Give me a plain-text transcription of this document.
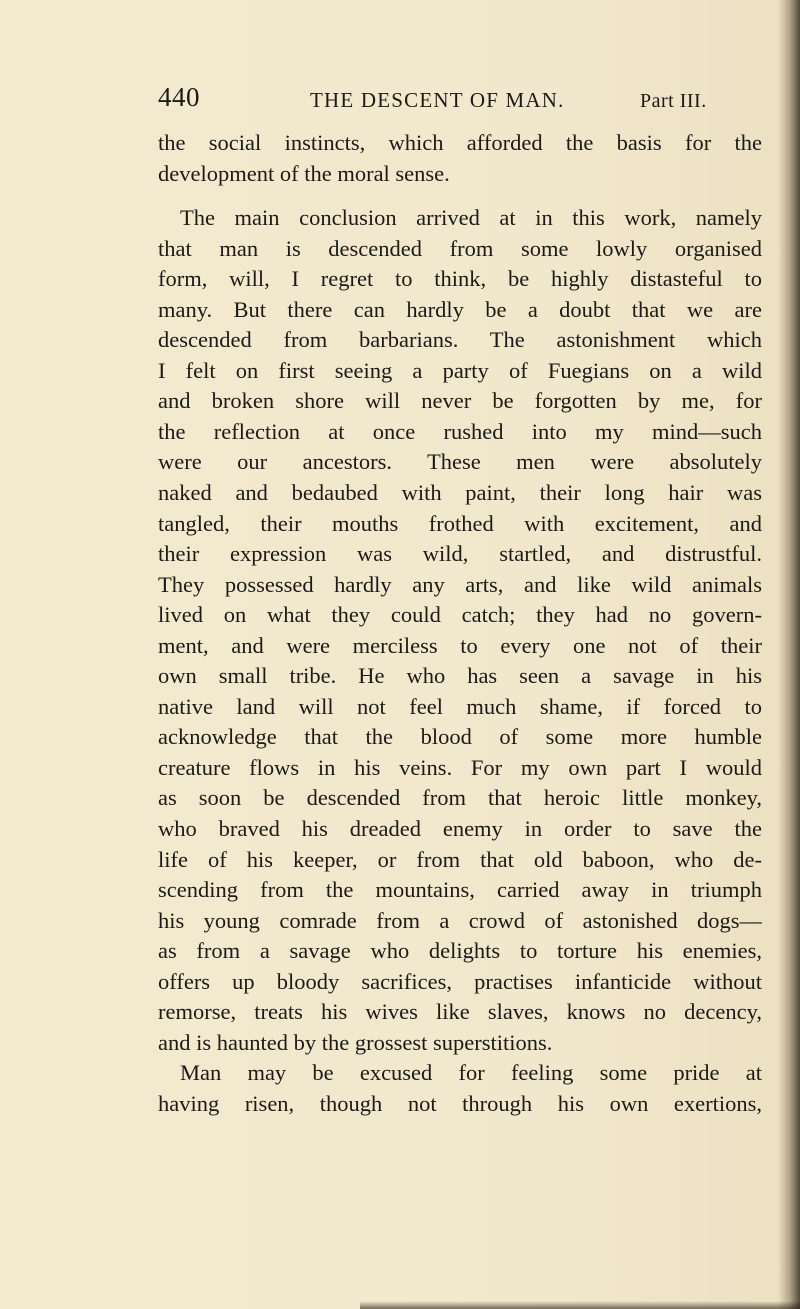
440	THE DESCENT OF MAN.	Part III.
the social instincts, which afforded the basis for the
development of the moral sense.
The main conclusion arrived at in this work, namely
that man is descended from some lowly organised
form, will, I regret to think, be highly distasteful to
many. But there can hardly be a doubt that we are
descended from barbarians. The astonishment which
I felt on first seeing a party of Fuegians on a wild
and broken shore will never be forgotten by me, for
the reflection at once rushed into my mind—such
were our ancestors. These men were absolutely
naked and bedaubed with paint, their long hair was
tangled, their mouths frothed with excitement, and
their expression was wild, startled, and distrustful.
They possessed hardly any arts, and like wild animals
lived on what they could catch; they had no govern-
ment, and were merciless to every one not of their
own small tribe. He who has seen a savage in his
native land will not feel much shame, if forced to
acknowledge that the blood of some more humble
creature flows in his veins. For my own part I would
as soon be descended from that heroic little monkey,
who braved his dreaded enemy in order to save the
life of his keeper, or from that old baboon, who de-
scending from the mountains, carried away in triumph
his young comrade from a crowd of astonished dogs—
as from a savage who delights to torture his enemies,
offers up bloody sacrifices, practises infanticide without
remorse, treats his wives like slaves, knows no decency,
and is haunted by the grossest superstitions.
Man may be excused for feeling some pride at
having risen, though not through his own exertions,
